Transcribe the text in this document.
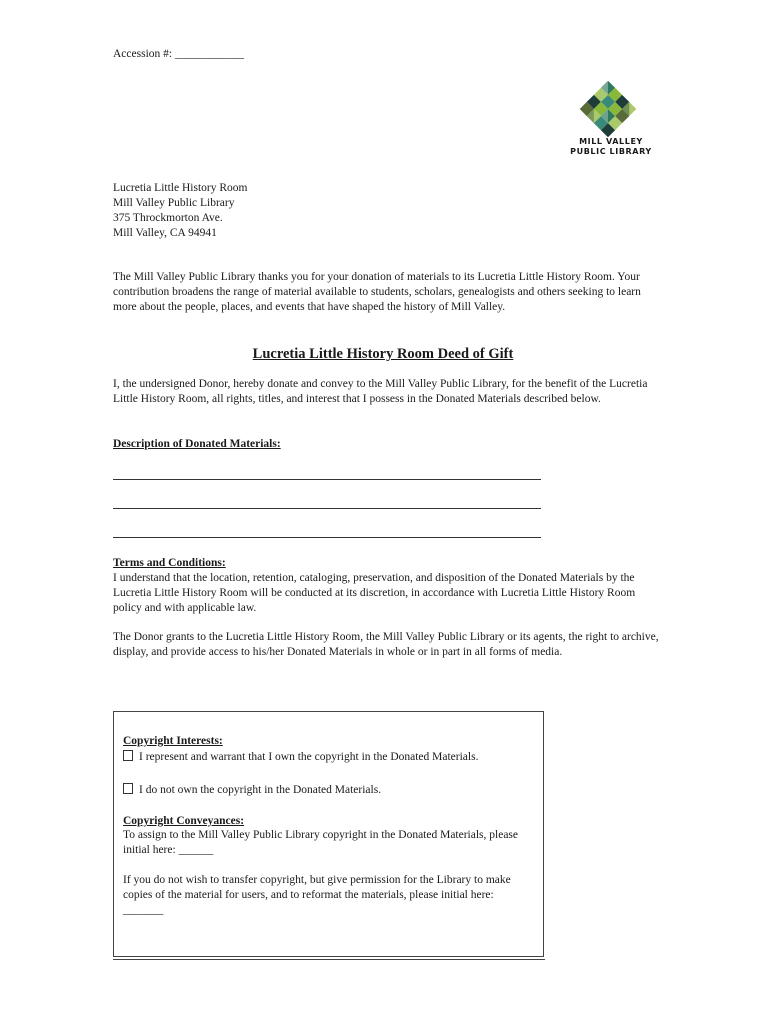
Accession #: ____________
MILL VALLEY
PUBLIC LIBRARY
Lucretia Little History Room
Mill Valley Public Library
375 Throckmorton Ave.
Mill Valley, CA 94941
The Mill Valley Public Library thanks you for your donation of materials to its Lucretia Little History Room. Your contribution broadens the range of material available to students, scholars, genealogists and others seeking to learn more about the people, places, and events that have shaped the history of Mill Valley.
Lucretia Little History Room Deed of Gift
I, the undersigned Donor, hereby donate and convey to the Mill Valley Public Library, for the benefit of the Lucretia Little History Room, all rights, titles, and interest that I possess in the Donated Materials described below.
Description of Donated Materials:
Terms and Conditions:
I understand that the location, retention, cataloging, preservation, and disposition of the Donated Materials by the Lucretia Little History Room will be conducted at its discretion, in accordance with Lucretia Little History Room policy and with applicable law.
The Donor grants to the Lucretia Little History Room, the Mill Valley Public Library or its agents, the right to archive, display, and provide access to his/her Donated Materials in whole or in part in all forms of media.
Copyright Interests:
I represent and warrant that I own the copyright in the Donated Materials.
I do not own the copyright in the Donated Materials.
Copyright Conveyances:
To assign to the Mill Valley Public Library copyright in the Donated Materials, please initial here: ______
If you do not wish to transfer copyright, but give permission for the Library to make copies of the material for users, and to reformat the materials, please initial here: _______
